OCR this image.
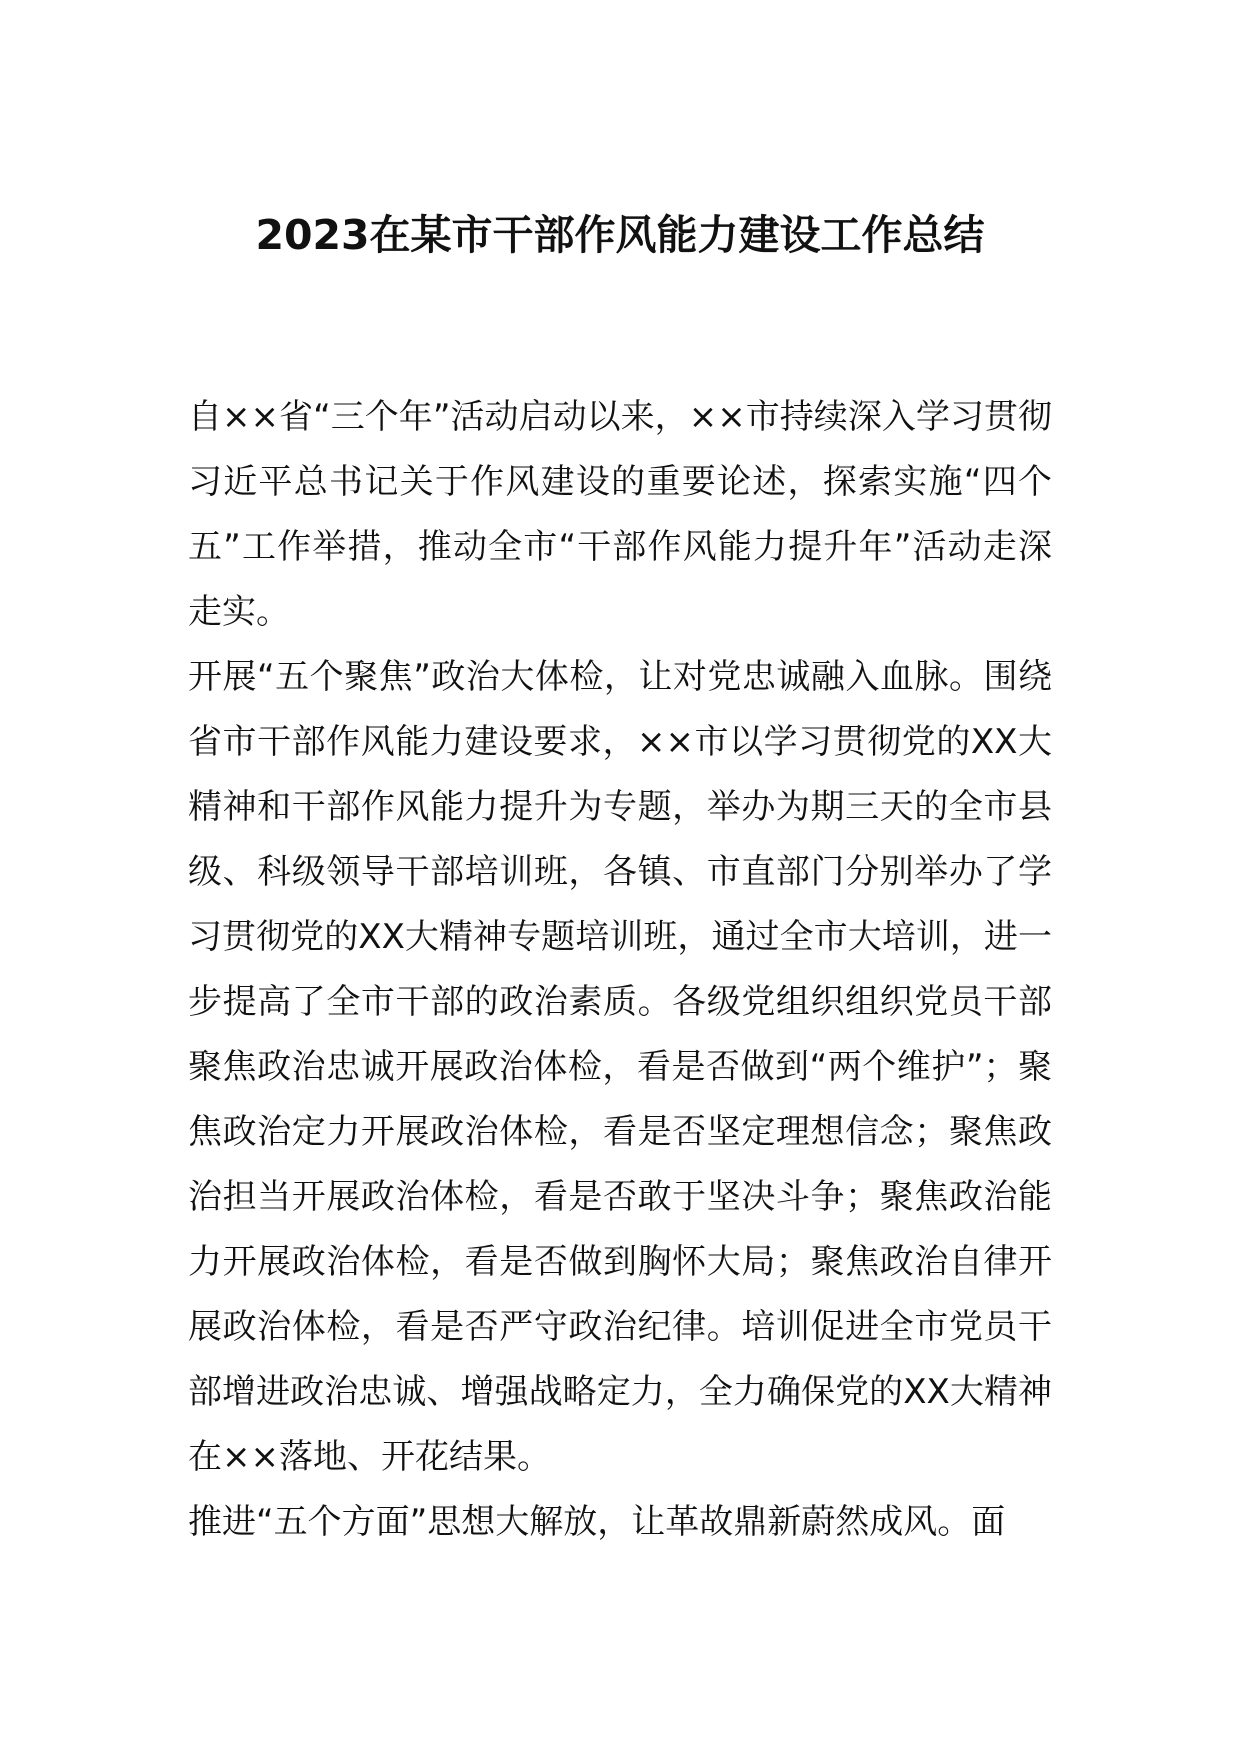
2023在某市干部作风能力建设工作总结

自××省“三个年”活动启动以来，××市持续深入学习贯彻习近平总书记关于作风建设的重要论述，探索实施“四个五”工作举措，推动全市“干部作风能力提升年”活动走深走实。

开展“五个聚焦”政治大体检，让对党忠诚融入血脉。围绕省市干部作风能力建设要求，××市以学习贯彻党的XX大精神和干部作风能力提升为专题，举办为期三天的全市县级、科级领导干部培训班，各镇、市直部门分别举办了学习贯彻党的XX大精神专题培训班，通过全市大培训，进一步提高了全市干部的政治素质。各级党组织组织党员干部聚焦政治忠诚开展政治体检，看是否做到“两个维护”；聚焦政治定力开展政治体检，看是否坚定理想信念；聚焦政治担当开展政治体检，看是否敢于坚决斗争；聚焦政治能力开展政治体检，看是否做到胸怀大局；聚焦政治自律开展政治体检，看是否严守政治纪律。培训促进全市党员干部增进政治忠诚、增强战略定力，全力确保党的XX大精神在××落地、开花结果。

推进“五个方面”思想大解放，让革故鼎新蔚然成风。面
